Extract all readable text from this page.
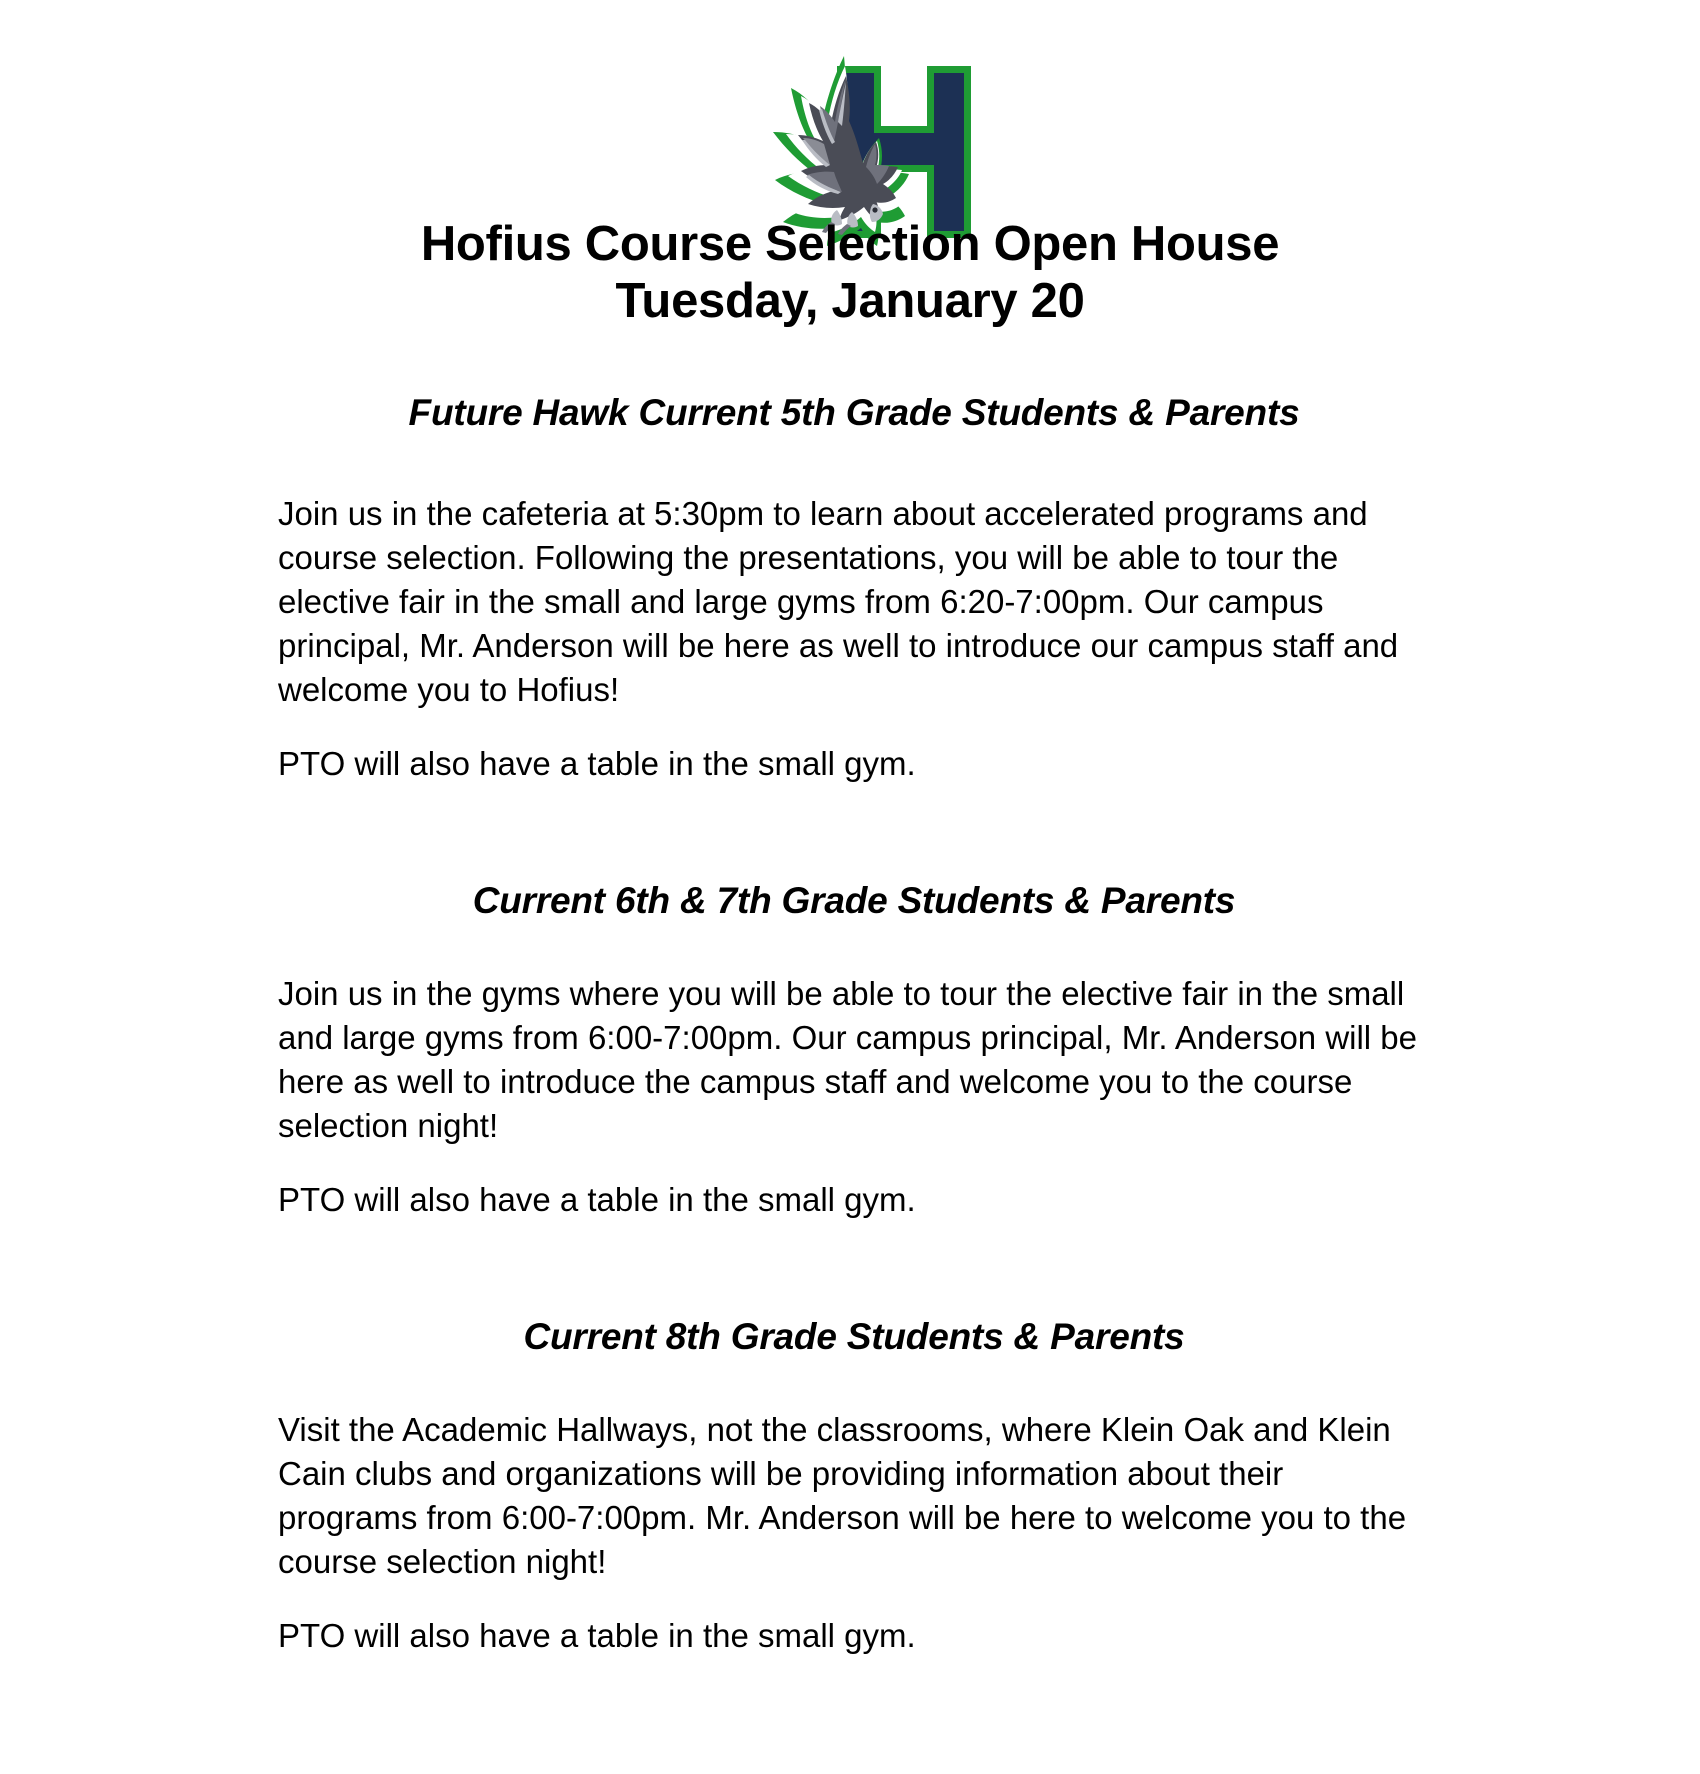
Hofius Course Selection Open House
Tuesday, January 20
Future Hawk Current 5th Grade Students & Parents
Join us in the cafeteria at 5:30pm to learn about accelerated programs and course selection. Following the presentations, you will be able to tour the elective fair in the small and large gyms from 6:20-7:00pm. Our campus principal, Mr. Anderson will be here as well to introduce our campus staff and welcome you to Hofius!
PTO will also have a table in the small gym.
Current 6th & 7th Grade Students & Parents
Join us in the gyms where you will be able to tour the elective fair in the small and large gyms from 6:00-7:00pm. Our campus principal, Mr. Anderson will be here as well to introduce the campus staff and welcome you to the course selection night!
PTO will also have a table in the small gym.
Current 8th Grade Students & Parents
Visit the Academic Hallways, not the classrooms, where Klein Oak and Klein Cain clubs and organizations will be providing information about their programs from 6:00-7:00pm. Mr. Anderson will be here to welcome you to the course selection night!
PTO will also have a table in the small gym.
